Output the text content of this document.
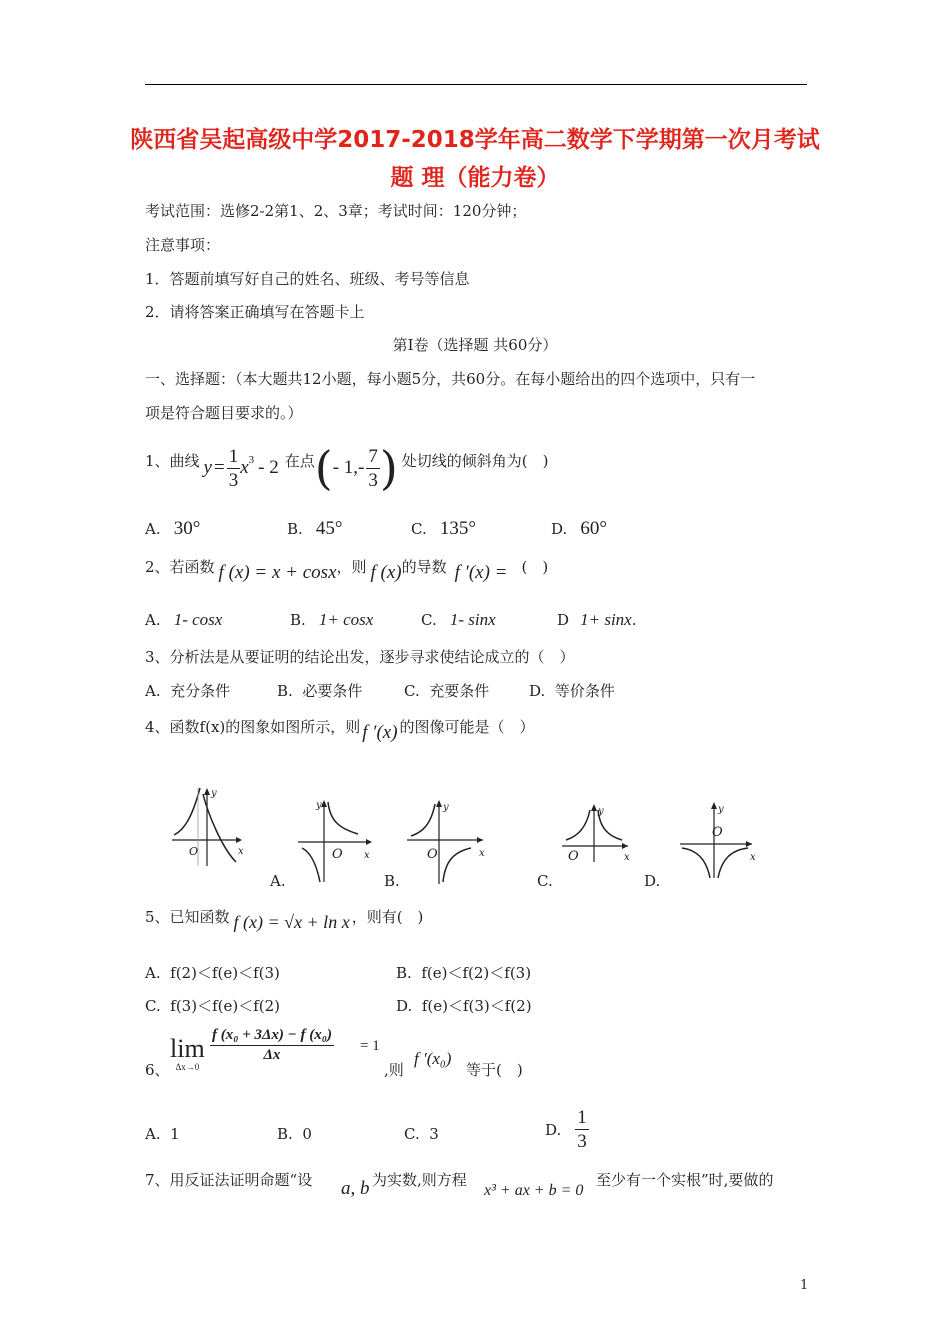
陕西省吴起高级中学2017-2018学年高二数学下学期第一次月考试
题 理（能力卷）
考试范围：选修2-2第1、2、3章；考试时间：120分钟；
注意事项：
1．答题前填写好自己的姓名、班级、考号等信息
2．请将答案正确填写在答题卡上
第Ⅰ卷（选择题 共60分）
一、选择题：（本大题共12小题，每小题5分，共60分。在每小题给出的四个选项中，只有一
项是符合题目要求的。）
1、曲线 $y = \frac{1}{3} x^3 - 2$ 在点 ( - $1,- \frac{7}{3}$ ) 处切线的倾斜角为(　)
A. 30°	B. 45°	C. 135°	D. 60°
2、若函数 f (x) = x + cosx ，则 f (x) 的导数 f ′(x) = (　)
A. 1- cosx	B. 1+ cosx	C. 1- sinx	D 1+ sinx.
3、分析法是从要证明的结论出发，逐步寻求使结论成立的（　）
A. 充分条件	B. 必要条件	C. 充要条件	D. 等价条件
4、函数f(x)的图象如图所示，则 f ′(x) 的图像可能是（　）
y
x
O
y
x
O
y
x
O
y
x
O
y
x
O
A.	B.	C.	D.
5、已知函数 f (x) = √x + ln x ，则有(　)
A. f(2)＜f(e)＜f(3)	B. f(e)＜f(2)＜f(3)
C. f(3)＜f(e)＜f(2)	D. f(e)＜f(3)＜f(2)
6、
lim
Δx→0
$\frac{\text{f (x₀ + 3Δx) − f (x₀)}}{\Delta x} = 1$
,则
f ′(x₀)
等于(　)
A. 1	B. 0	C. 3	D. $\frac{1}{3}$
7、用反证法证明命题“设 a, b 为实数,则方程
x³ + ax + b = 0
至少有一个实根”时,要做的
1
